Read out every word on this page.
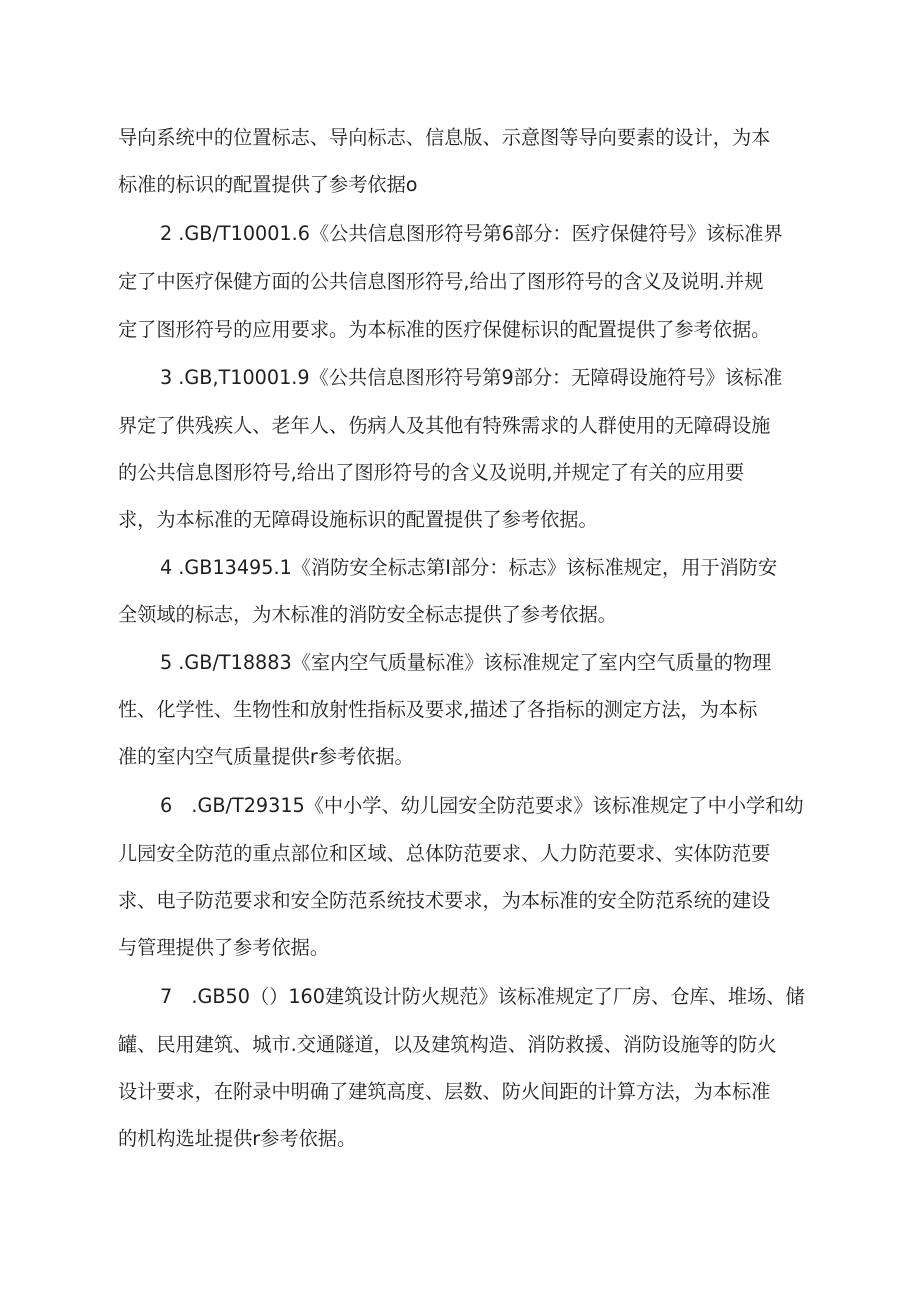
导向系统中的位置标志、导向标志、信息版、示意图等导向要素的设计，为本

标准的标识的配置提供了参考依据o

2 .GB/T10001.6《公共信息图形符号第6部分：医疗保健符号》该标准界

定了中医疗保健方面的公共信息图形符号,给出了图形符号的含义及说明.并规

定了图形符号的应用要求。为本标准的医疗保健标识的配置提供了参考依据。

3 .GB,T10001.9《公共信息图形符号第9部分：无障碍设施符号》该标准

界定了供残疾人、老年人、伤病人及其他有特殊需求的人群使用的无障碍设施

的公共信息图形符号,给出了图形符号的含义及说明,并规定了有关的应用要

求，为本标准的无障碍设施标识的配置提供了参考依据。

4 .GB13495.1《消防安全标志第I部分：标志》该标准规定，用于消防安

全领域的标志，为木标准的消防安全标志提供了参考依据。

5 .GB/T18883《室内空气质量标准》该标准规定了室内空气质量的物理

性、化学性、生物性和放射性指标及要求,描述了各指标的测定方法，为本标

准的室内空气质量提供r参考依据。

6　.GB∕T29315《中小学、幼儿园安全防范要求》该标准规定了中小学和幼

儿园安全防范的重点部位和区域、总体防范要求、人力防范要求、实体防范要

求、电子防范要求和安全防范系统技术要求，为本标准的安全防范系统的建设

与管理提供了参考依据。

7　.GB50（）160建筑设计防火规范》该标准规定了厂房、仓库、堆场、储

罐、民用建筑、城市.交通隧道，以及建筑构造、消防救援、消防设施等的防火

设计要求，在附录中明确了建筑高度、层数、防火间距的计算方法，为本标准

的机构选址提供r参考依据。
